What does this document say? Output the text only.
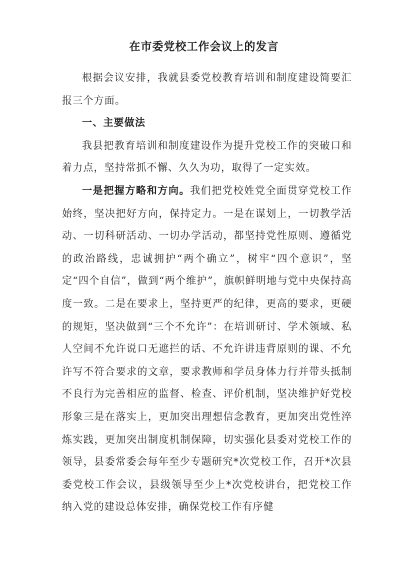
在市委党校工作会议上的发言

根据会议安排，我就县委党校教育培训和制度建设简要汇报三个方面。

一、主要做法

我县把教育培训和制度建设作为提升党校工作的突破口和着力点，坚持常抓不懈、久久为功，取得了一定实效。

一是把握方略和方向。我们把党校姓党全面贯穿党校工作始终，坚决把好方向，保持定力。一是在谋划上，一切教学活动、一切科研活动、一切办学活动，都坚持党性原则、遵循党的政治路线，忠诚拥护“两个确立”，树牢“四个意识”，坚定“四个自信”，做到“两个维护”，旗帜鲜明地与党中央保持高度一致。二是在要求上，坚持更严的纪律，更高的要求，更硬的规矩，坚决做到“三个不允许”：在培训研讨、学术领域、私人空间不允许说口无遮拦的话、不允许讲违背原则的课、不允许写不符合要求的文章，要求教师和学员身体力行并带头抵制不良行为完善相应的监督、检查、评价机制，坚决维护好党校形象三是在落实上，更加突出理想信念教育，更加突出党性淬炼实践，更加突出制度机制保障，切实强化县委对党校工作的领导，县委常委会每年至少专题研究*次党校工作，召开*次县委党校工作会议，县级领导至少上*次党校讲台，把党校工作纳入党的建设总体安排，确保党校工作有序健
